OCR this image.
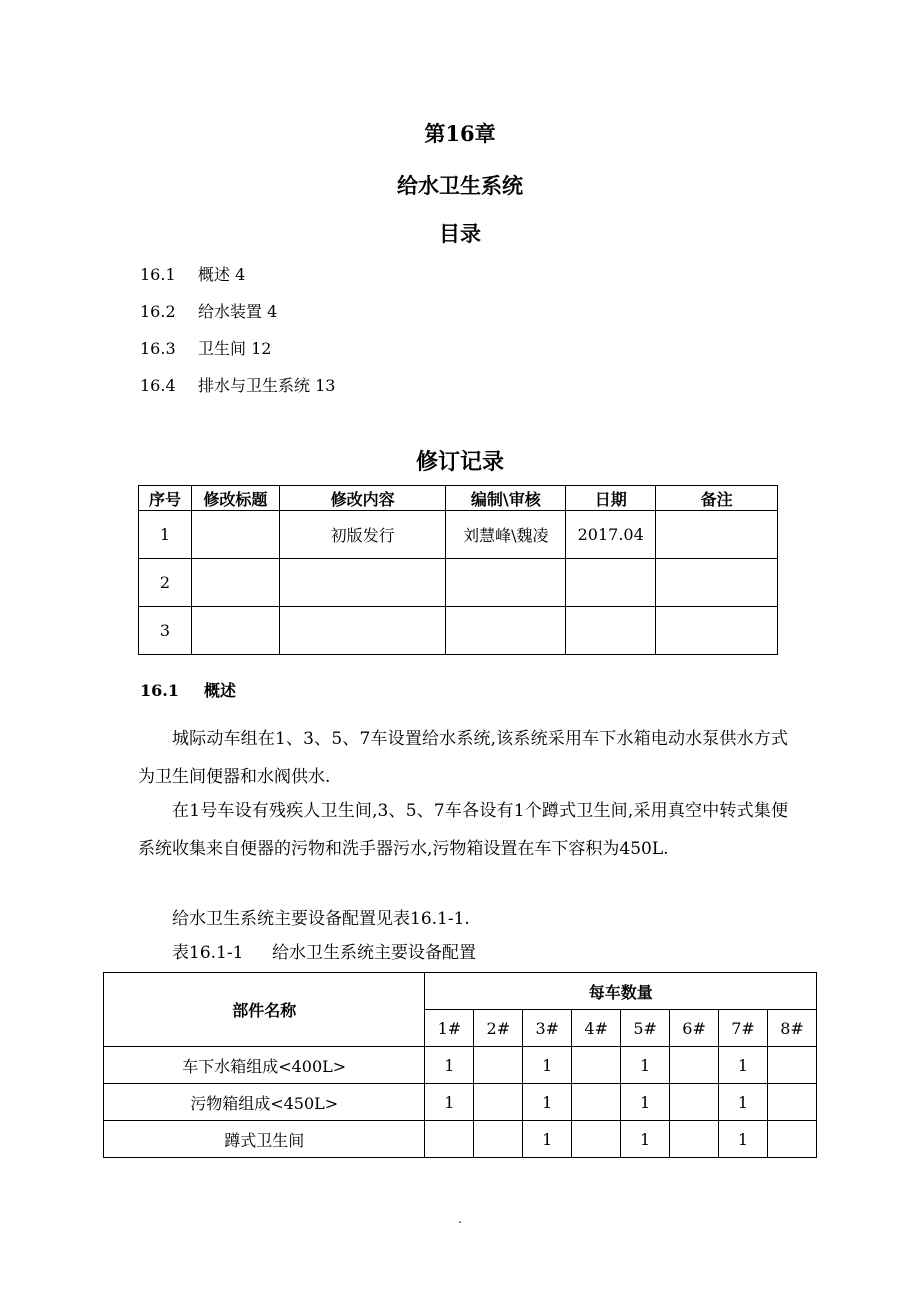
第16章
给水卫生系统
目录
16.1 概述 4
16.2 给水装置 4
16.3 卫生间 12
16.4 排水与卫生系统 13
修订记录
序号	修改标题	修改内容	编制\审核	日期	备注
1		初版发行	刘慧峰\魏凌	2017.04	
2					
3					
16.1 概述

城际动车组在1、3、5、7车设置给水系统,该系统采用车下水箱电动水泵供水方式为卫生间便器和水阀供水.

在1号车设有残疾人卫生间,3、5、7车各设有1个蹲式卫生间,采用真空中转式集便系统收集来自便器的污物和洗手器污水,污物箱设置在车下容积为450L.

给水卫生系统主要设备配置见表16.1-1.

表16.1-1 给水卫生系统主要设备配置
部件名称	每车数量							
	1#	2#	3#	4#	5#	6#	7#	8#
车下水箱组成<400L>	1		1		1		1	
污物箱组成<450L>	1		1		1		1	
蹲式卫生间			1		1		1	
.
